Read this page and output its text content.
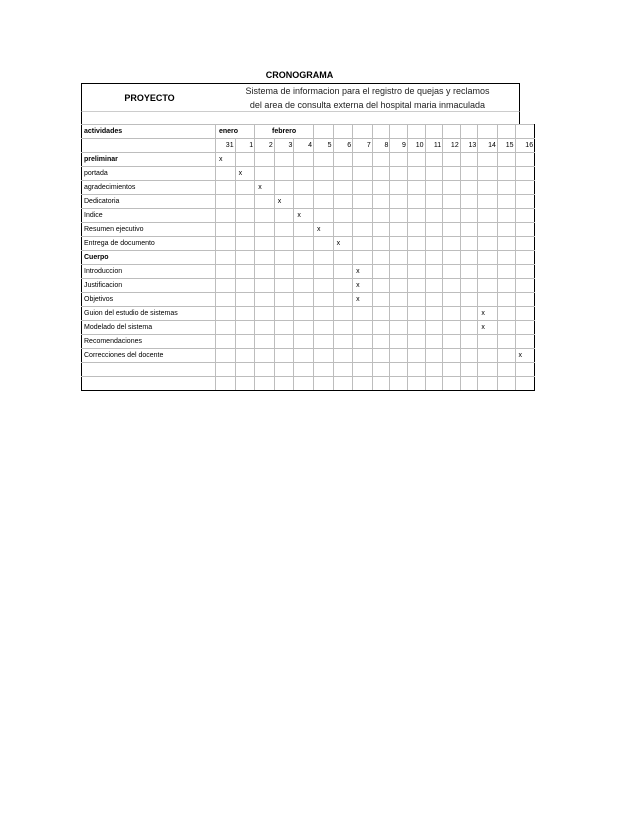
CRONOGRAMA
PROYECTO
Sistema de informacion para el registro de quejas y reclamos
del area de consulta externa del hospital maria inmaculada
actividades	enero		febrero														
	31	1	2	3	4	5	6	7	8	9	10	11	12	13	14	15	16
preliminar	x																
portada		x															
agradecimientos			x														
Dedicatoria				x													
Indice					x												
Resumen ejecutivo						x											
Entrega de documento							x										
Cuerpo																	
Introduccion								x									
Justificacion								x									
Objetivos								x									
Guion del estudio de sistemas															x		
Modelado del sistema															x		
Recomendaciones																	
Correcciones del docente																	x
